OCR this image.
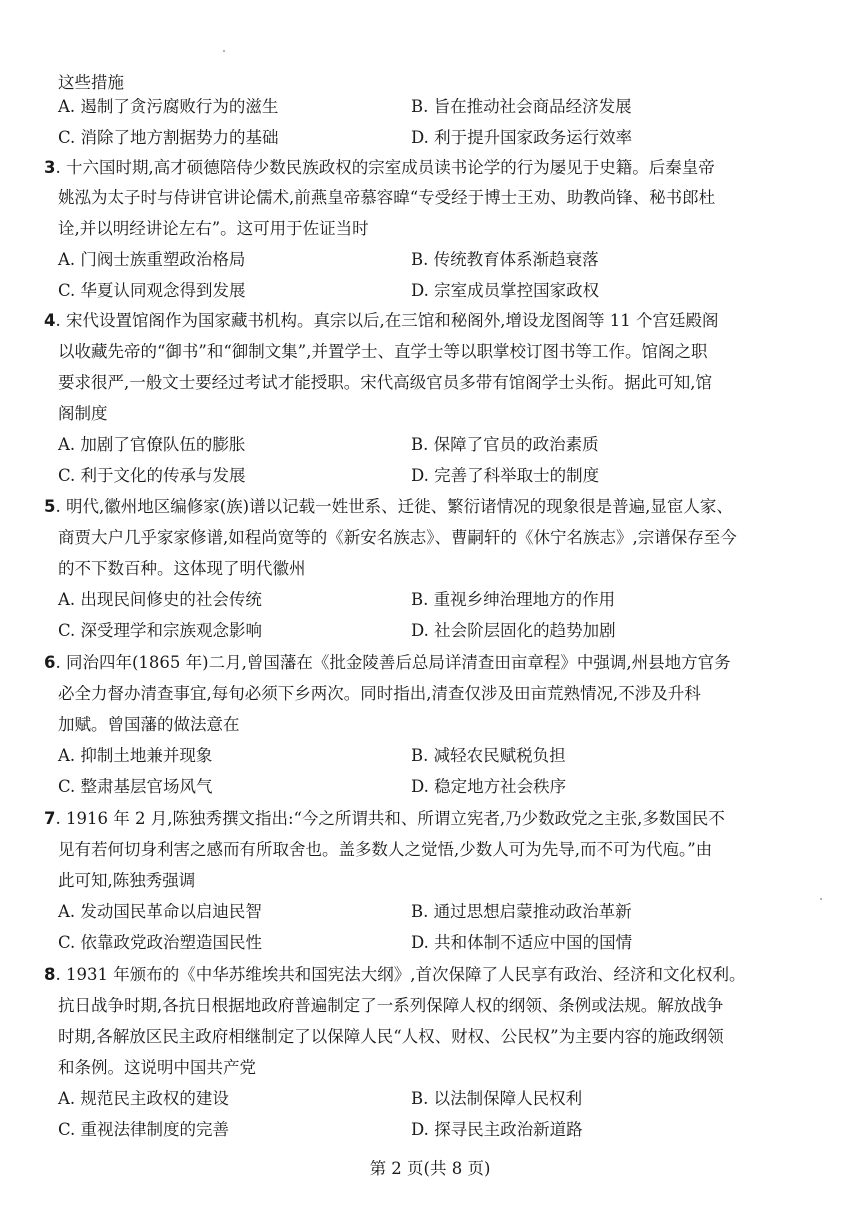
这些措施
A. 遏制了贪污腐败行为的滋生	B. 旨在推动社会商品经济发展
C. 消除了地方割据势力的基础	D. 利于提升国家政务运行效率
3. 十六国时期,高才硕德陪侍少数民族政权的宗室成员读书论学的行为屡见于史籍。后秦皇帝
姚泓为太子时与侍讲官讲论儒术,前燕皇帝慕容暐“专受经于博士王劝、助教尚锋、秘书郎杜
诠,并以明经讲论左右”。这可用于佐证当时
A. 门阀士族重塑政治格局	B. 传统教育体系渐趋衰落
C. 华夏认同观念得到发展	D. 宗室成员掌控国家政权
4. 宋代设置馆阁作为国家藏书机构。真宗以后,在三馆和秘阁外,增设龙图阁等 11 个宫廷殿阁
以收藏先帝的“御书”和“御制文集”,并置学士、直学士等以职掌校订图书等工作。馆阁之职
要求很严,一般文士要经过考试才能授职。宋代高级官员多带有馆阁学士头衔。据此可知,馆
阁制度
A. 加剧了官僚队伍的膨胀	B. 保障了官员的政治素质
C. 利于文化的传承与发展	D. 完善了科举取士的制度
5. 明代,徽州地区编修家(族)谱以记载一姓世系、迁徙、繁衍诸情况的现象很是普遍,显宦人家、
商贾大户几乎家家修谱,如程尚宽等的《新安名族志》、曹嗣轩的《休宁名族志》,宗谱保存至今
的不下数百种。这体现了明代徽州
A. 出现民间修史的社会传统	B. 重视乡绅治理地方的作用
C. 深受理学和宗族观念影响	D. 社会阶层固化的趋势加剧
6. 同治四年(1865 年)二月,曾国藩在《批金陵善后总局详清查田亩章程》中强调,州县地方官务
必全力督办清查事宜,每旬必须下乡两次。同时指出,清查仅涉及田亩荒熟情况,不涉及升科
加赋。曾国藩的做法意在
A. 抑制土地兼并现象	B. 减轻农民赋税负担
C. 整肃基层官场风气	D. 稳定地方社会秩序
7. 1916 年 2 月,陈独秀撰文指出:“今之所谓共和、所谓立宪者,乃少数政党之主张,多数国民不
见有若何切身利害之感而有所取舍也。盖多数人之觉悟,少数人可为先导,而不可为代庖。”由
此可知,陈独秀强调
A. 发动国民革命以启迪民智	B. 通过思想启蒙推动政治革新
C. 依靠政党政治塑造国民性	D. 共和体制不适应中国的国情
8. 1931 年颁布的《中华苏维埃共和国宪法大纲》,首次保障了人民享有政治、经济和文化权利。
抗日战争时期,各抗日根据地政府普遍制定了一系列保障人权的纲领、条例或法规。解放战争
时期,各解放区民主政府相继制定了以保障人民“人权、财权、公民权”为主要内容的施政纲领
和条例。这说明中国共产党
A. 规范民主政权的建设	B. 以法制保障人民权利
C. 重视法律制度的完善	D. 探寻民主政治新道路
第 2 页(共 8 页)
